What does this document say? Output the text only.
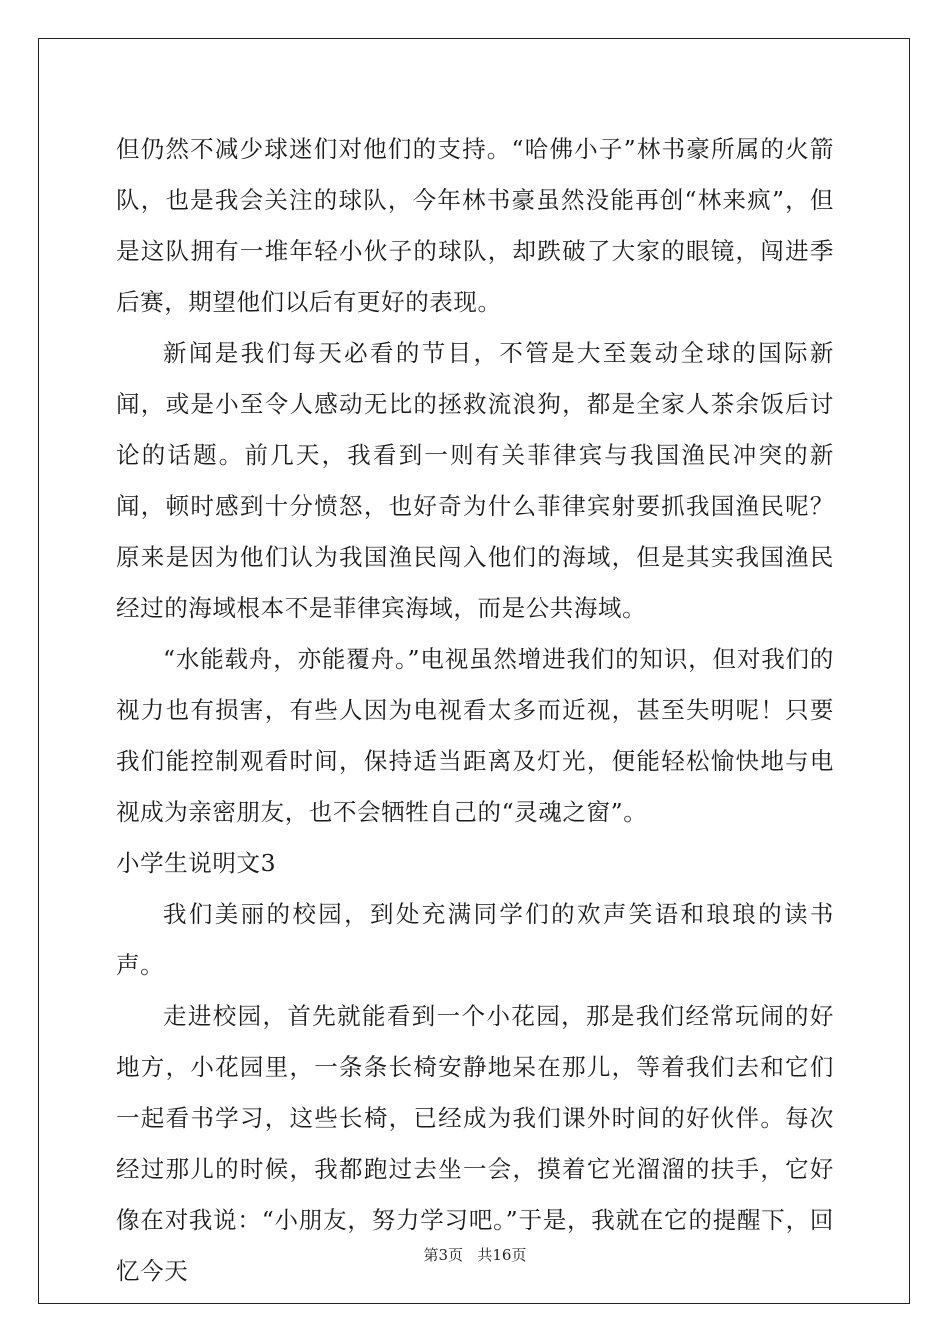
但仍然不减少球迷们对他们的支持。“哈佛小子”林书豪所属的火箭队，也是我会关注的球队，今年林书豪虽然没能再创“林来疯”，但是这队拥有一堆年轻小伙子的球队，却跌破了大家的眼镜，闯进季后赛，期望他们以后有更好的表现。

新闻是我们每天必看的节目，不管是大至轰动全球的国际新闻，或是小至令人感动无比的拯救流浪狗，都是全家人茶余饭后讨论的话题。前几天，我看到一则有关菲律宾与我国渔民冲突的新闻，顿时感到十分愤怒，也好奇为什么菲律宾射要抓我国渔民呢？原来是因为他们认为我国渔民闯入他们的海域，但是其实我国渔民经过的海域根本不是菲律宾海域，而是公共海域。

“水能载舟，亦能覆舟。”电视虽然增进我们的知识，但对我们的视力也有损害，有些人因为电视看太多而近视，甚至失明呢！只要我们能控制观看时间，保持适当距离及灯光，便能轻松愉快地与电视成为亲密朋友，也不会牺牲自己的“灵魂之窗”。

小学生说明文3

我们美丽的校园，到处充满同学们的欢声笑语和琅琅的读书声。

走进校园，首先就能看到一个小花园，那是我们经常玩闹的好地方，小花园里，一条条长椅安静地呆在那儿，等着我们去和它们一起看书学习，这些长椅，已经成为我们课外时间的好伙伴。每次经过那儿的时候，我都跑过去坐一会，摸着它光溜溜的扶手，它好像在对我说：“小朋友，努力学习吧。”于是，我就在它的提醒下，回忆今天

第3页 共16页
